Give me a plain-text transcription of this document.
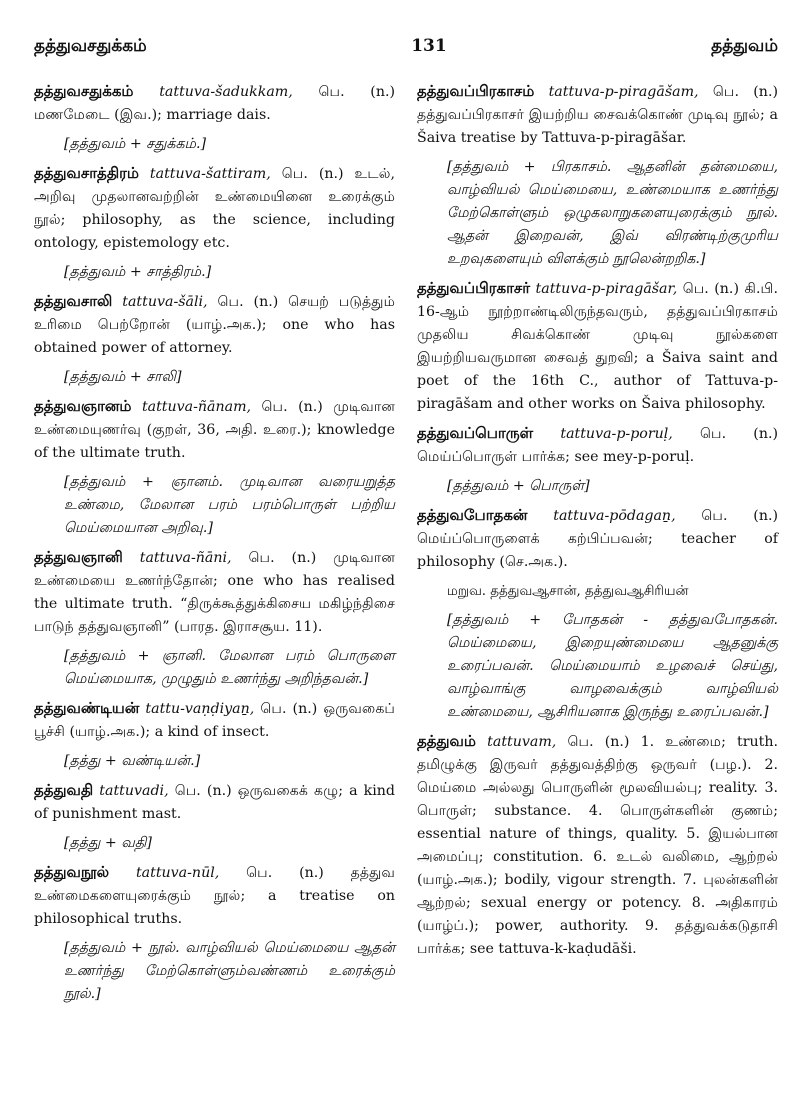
தத்துவசதுக்கம்	131	தத்துவம்
தத்துவசதுக்கம் tattuva-šadukkam, பெ. (n.) மணமேடை (இவ.); marriage dais.
[தத்துவம் + சதுக்கம்.]
தத்துவசாத்திரம் tattuva-šattiram, பெ. (n.) உடல், அறிவு முதலானவற்றின் உண்மையினை உரைக்கும் நூல்; philosophy, as the science, including ontology, epistemology etc.
[தத்துவம் + சாத்திரம்.]
தத்துவசாலி tattuva-šāli, பெ. (n.) செயற் படுத்தும் உரிமை பெற்றோன் (யாழ்.அக.); one who has obtained power of attorney.
[தத்துவம் + சாலி]
தத்துவஞானம் tattuva-ñānam, பெ. (n.) முடிவான உண்மையுணர்வு (குறள், 36, அதி. உரை.); knowledge of the ultimate truth.
[தத்துவம் + ஞானம். முடிவான வரையறுத்த உண்மை, மேலான பரம் பரம்பொருள் பற்றிய மெய்மையான அறிவு.]
தத்துவஞானி tattuva-ñāni, பெ. (n.) முடிவான உண்மையை உணர்ந்தோன்; one who has realised the ultimate truth. “திருக்கூத்துக்கிசைய மகிழ்ந்திசை பாடுந் தத்துவஞானி” (பாரத. இராசசூய. 11).
[தத்துவம் + ஞானி. மேலான பரம் பொருளை மெய்மையாக, முழுதும் உணர்ந்து அறிந்தவன்.]
தத்துவண்டியன் tattu-vaṇḍiyaṉ, பெ. (n.) ஒருவகைப் பூச்சி (யாழ்.அக.); a kind of insect.
[தத்து + வண்டியன்.]
தத்துவதி tattuvadi, பெ. (n.) ஒருவகைக் கழு; a kind of punishment mast.
[தத்து + வதி]
தத்துவநூல் tattuva-nūl, பெ. (n.) தத்துவ உண்மைகளையுரைக்கும் நூல்; a treatise on philosophical truths.
[தத்துவம் + நூல். வாழ்வியல் மெய்மையை ஆதன் உணர்ந்து மேற்கொள்ளும்வண்ணம் உரைக்கும் நூல்.]
தத்துவப்பிரகாசம் tattuva-p-piragāšam, பெ. (n.) தத்துவப்பிரகாசர் இயற்றிய சைவக்கொண் முடிவு நூல்; a Šaiva treatise by Tattuva-p-piragāšar.
[தத்துவம் + பிரகாசம். ஆதனின் தன்மையை, வாழ்வியல் மெய்மையை, உண்மையாக உணர்ந்து மேற்கொள்ளும் ஒழுகலாறுகளையுரைக்கும் நூல். ஆதன் இறைவன், இவ் விரண்டிற்குமுரிய உறவுகளையும் விளக்கும் நூலென்றறிக.]
தத்துவப்பிரகாசர் tattuva-p-piragāšar, பெ. (n.) கி.பி. 16-ஆம் நூற்றாண்டிலிருந்தவரும், தத்துவப்பிரகாசம் முதலிய சிவக்கொண் முடிவு நூல்களை இயற்றியவருமான சைவத் துறவி; a Šaiva saint and poet of the 16th C., author of Tattuva-p-piragāšam and other works on Šaiva philosophy.
தத்துவப்பொருள் tattuva-p-poruḷ, பெ. (n.) மெய்ப்பொருள் பார்க்க; see mey-p-poruḷ.
[தத்துவம் + பொருள்]
தத்துவபோதகன் tattuva-pōdagaṉ, பெ. (n.) மெய்ப்பொருளைக் கற்பிப்பவன்; teacher of philosophy (செ.அக.).
மறுவ. தத்துவஆசான், தத்துவஆசிரியன்
[தத்துவம் + போதகன் - தத்துவபோதகன். மெய்மையை, இறையுண்மையை ஆதனுக்கு உரைப்பவன். மெய்மையாம் உழவைச் செய்து, வாழ்வாங்கு வாழவைக்கும் வாழ்வியல் உண்மையை, ஆசிரியனாக இருந்து உரைப்பவன்.]
தத்துவம் tattuvam, பெ. (n.) 1. உண்மை; truth. தமிழுக்கு இருவர் தத்துவத்திற்கு ஒருவர் (பழ.). 2. மெய்மை அல்லது பொருளின் மூலவியல்பு; reality. 3. பொருள்; substance. 4. பொருள்களின் குணம்; essential nature of things, quality. 5. இயல்பான அமைப்பு; constitution. 6. உடல் வலிமை, ஆற்றல் (யாழ்.அக.); bodily, vigour strength. 7. புலன்களின் ஆற்றல்; sexual energy or potency. 8. அதிகாரம் (யாழ்ப்.); power, authority. 9. தத்துவக்கடுதாசி பார்க்க; see tattuva-k-kaḍudāši.
